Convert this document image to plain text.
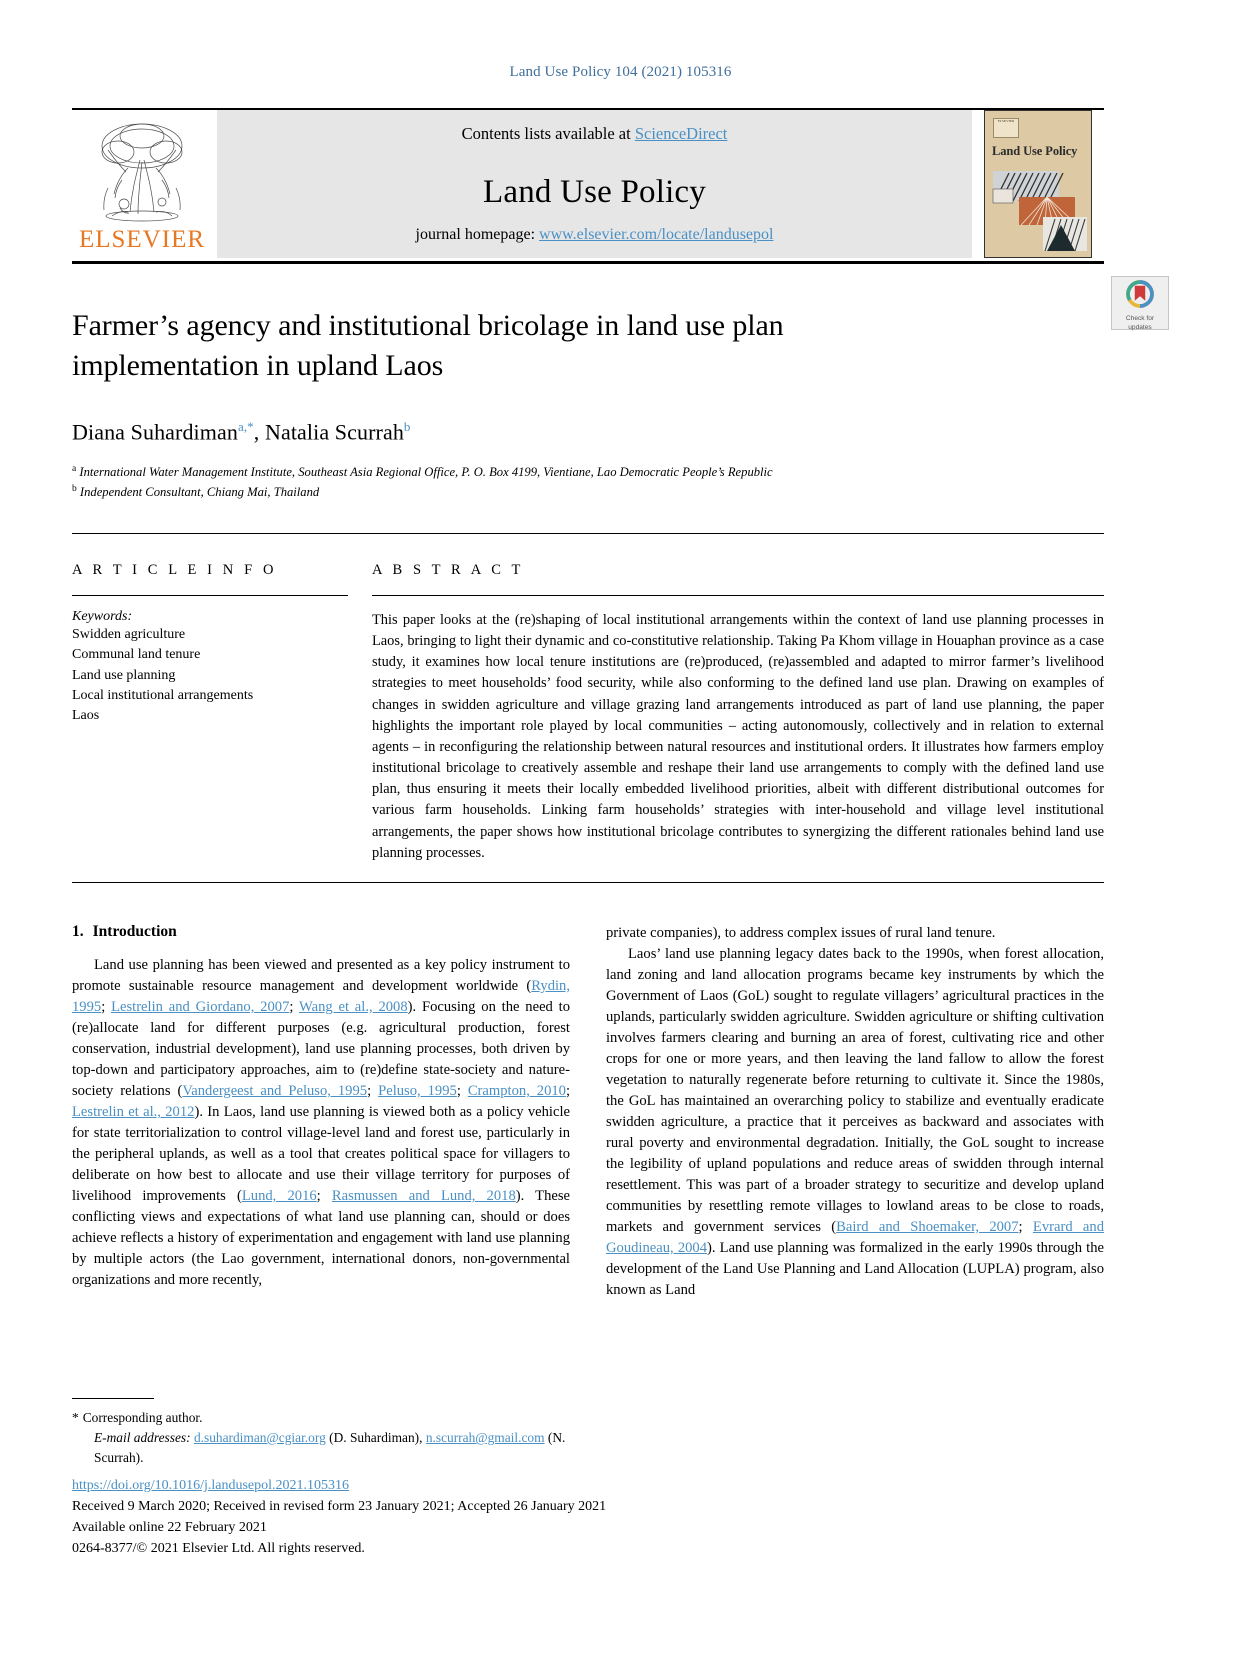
Land Use Policy 104 (2021) 105316
ELSEVIER
Contents lists available at ScienceDirect
Land Use Policy
journal homepage: www.elsevier.com/locate/landusepol
ELSEVIER
Land Use Policy
Check for
updates
Farmer’s agency and institutional bricolage in land use plan implementation in upland Laos
Diana Suhardiman$^{a,*}$, Natalia Scurrah$^b$
$^a$ International Water Management Institute, Southeast Asia Regional Office, P. O. Box 4199, Vientiane, Lao Democratic People’s Republic
$^b$ Independent Consultant, Chiang Mai, Thailand
A R T I C L E I N F O
Keywords:
Swidden agriculture
Communal land tenure
Land use planning
Local institutional arrangements
Laos
A B S T R A C T
This paper looks at the (re)shaping of local institutional arrangements within the context of land use planning processes in Laos, bringing to light their dynamic and co-constitutive relationship. Taking Pa Khom village in Houaphan province as a case study, it examines how local tenure institutions are (re)produced, (re)assembled and adapted to mirror farmer’s livelihood strategies to meet households’ food security, while also conforming to the defined land use plan. Drawing on examples of changes in swidden agriculture and village grazing land arrangements introduced as part of land use planning, the paper highlights the important role played by local communities – acting autonomously, collectively and in relation to external agents – in reconfiguring the relationship between natural resources and institutional orders. It illustrates how farmers employ institutional bricolage to creatively assemble and reshape their land use arrangements to comply with the defined land use plan, thus ensuring it meets their locally embedded livelihood priorities, albeit with different distributional outcomes for various farm households. Linking farm households’ strategies with inter-household and village level institutional arrangements, the paper shows how institutional bricolage contributes to synergizing the different rationales behind land use planning processes.
1. Introduction

Land use planning has been viewed and presented as a key policy instrument to promote sustainable resource management and development worldwide (Rydin, 1995; Lestrelin and Giordano, 2007; Wang et al., 2008). Focusing on the need to (re)allocate land for different purposes (e.g. agricultural production, forest conservation, industrial development), land use planning processes, both driven by top-down and participatory approaches, aim to (re)define state-society and nature-society relations (Vandergeest and Peluso, 1995; Peluso, 1995; Crampton, 2010; Lestrelin et al., 2012). In Laos, land use planning is viewed both as a policy vehicle for state territorialization to control village-level land and forest use, particularly in the peripheral uplands, as well as a tool that creates political space for villagers to deliberate on how best to allocate and use their village territory for purposes of livelihood improvements (Lund, 2016; Rasmussen and Lund, 2018). These conflicting views and expectations of what land use planning can, should or does achieve reflects a history of experimentation and engagement with land use planning by multiple actors (the Lao government, international donors, non-governmental organizations and more recently,

private companies), to address complex issues of rural land tenure.

Laos’ land use planning legacy dates back to the 1990s, when forest allocation, land zoning and land allocation programs became key instruments by which the Government of Laos (GoL) sought to regulate villagers’ agricultural practices in the uplands, particularly swidden agriculture. Swidden agriculture or shifting cultivation involves farmers clearing and burning an area of forest, cultivating rice and other crops for one or more years, and then leaving the land fallow to allow the forest vegetation to naturally regenerate before returning to cultivate it. Since the 1980s, the GoL has maintained an overarching policy to stabilize and eventually eradicate swidden agriculture, a practice that it perceives as backward and associates with rural poverty and environmental degradation. Initially, the GoL sought to increase the legibility of upland populations and reduce areas of swidden through internal resettlement. This was part of a broader strategy to securitize and develop upland communities by resettling remote villages to lowland areas to be close to roads, markets and government services (Baird and Shoemaker, 2007; Evrard and Goudineau, 2004). Land use planning was formalized in the early 1990s through the development of the Land Use Planning and Land Allocation (LUPLA) program, also known as Land

* Corresponding author.
E-mail addresses: d.suhardiman@cgiar.org (D. Suhardiman), n.scurrah@gmail.com (N. Scurrah).
https://doi.org/10.1016/j.landusepol.2021.105316
Received 9 March 2020; Received in revised form 23 January 2021; Accepted 26 January 2021
Available online 22 February 2021
0264-8377/© 2021 Elsevier Ltd. All rights reserved.
